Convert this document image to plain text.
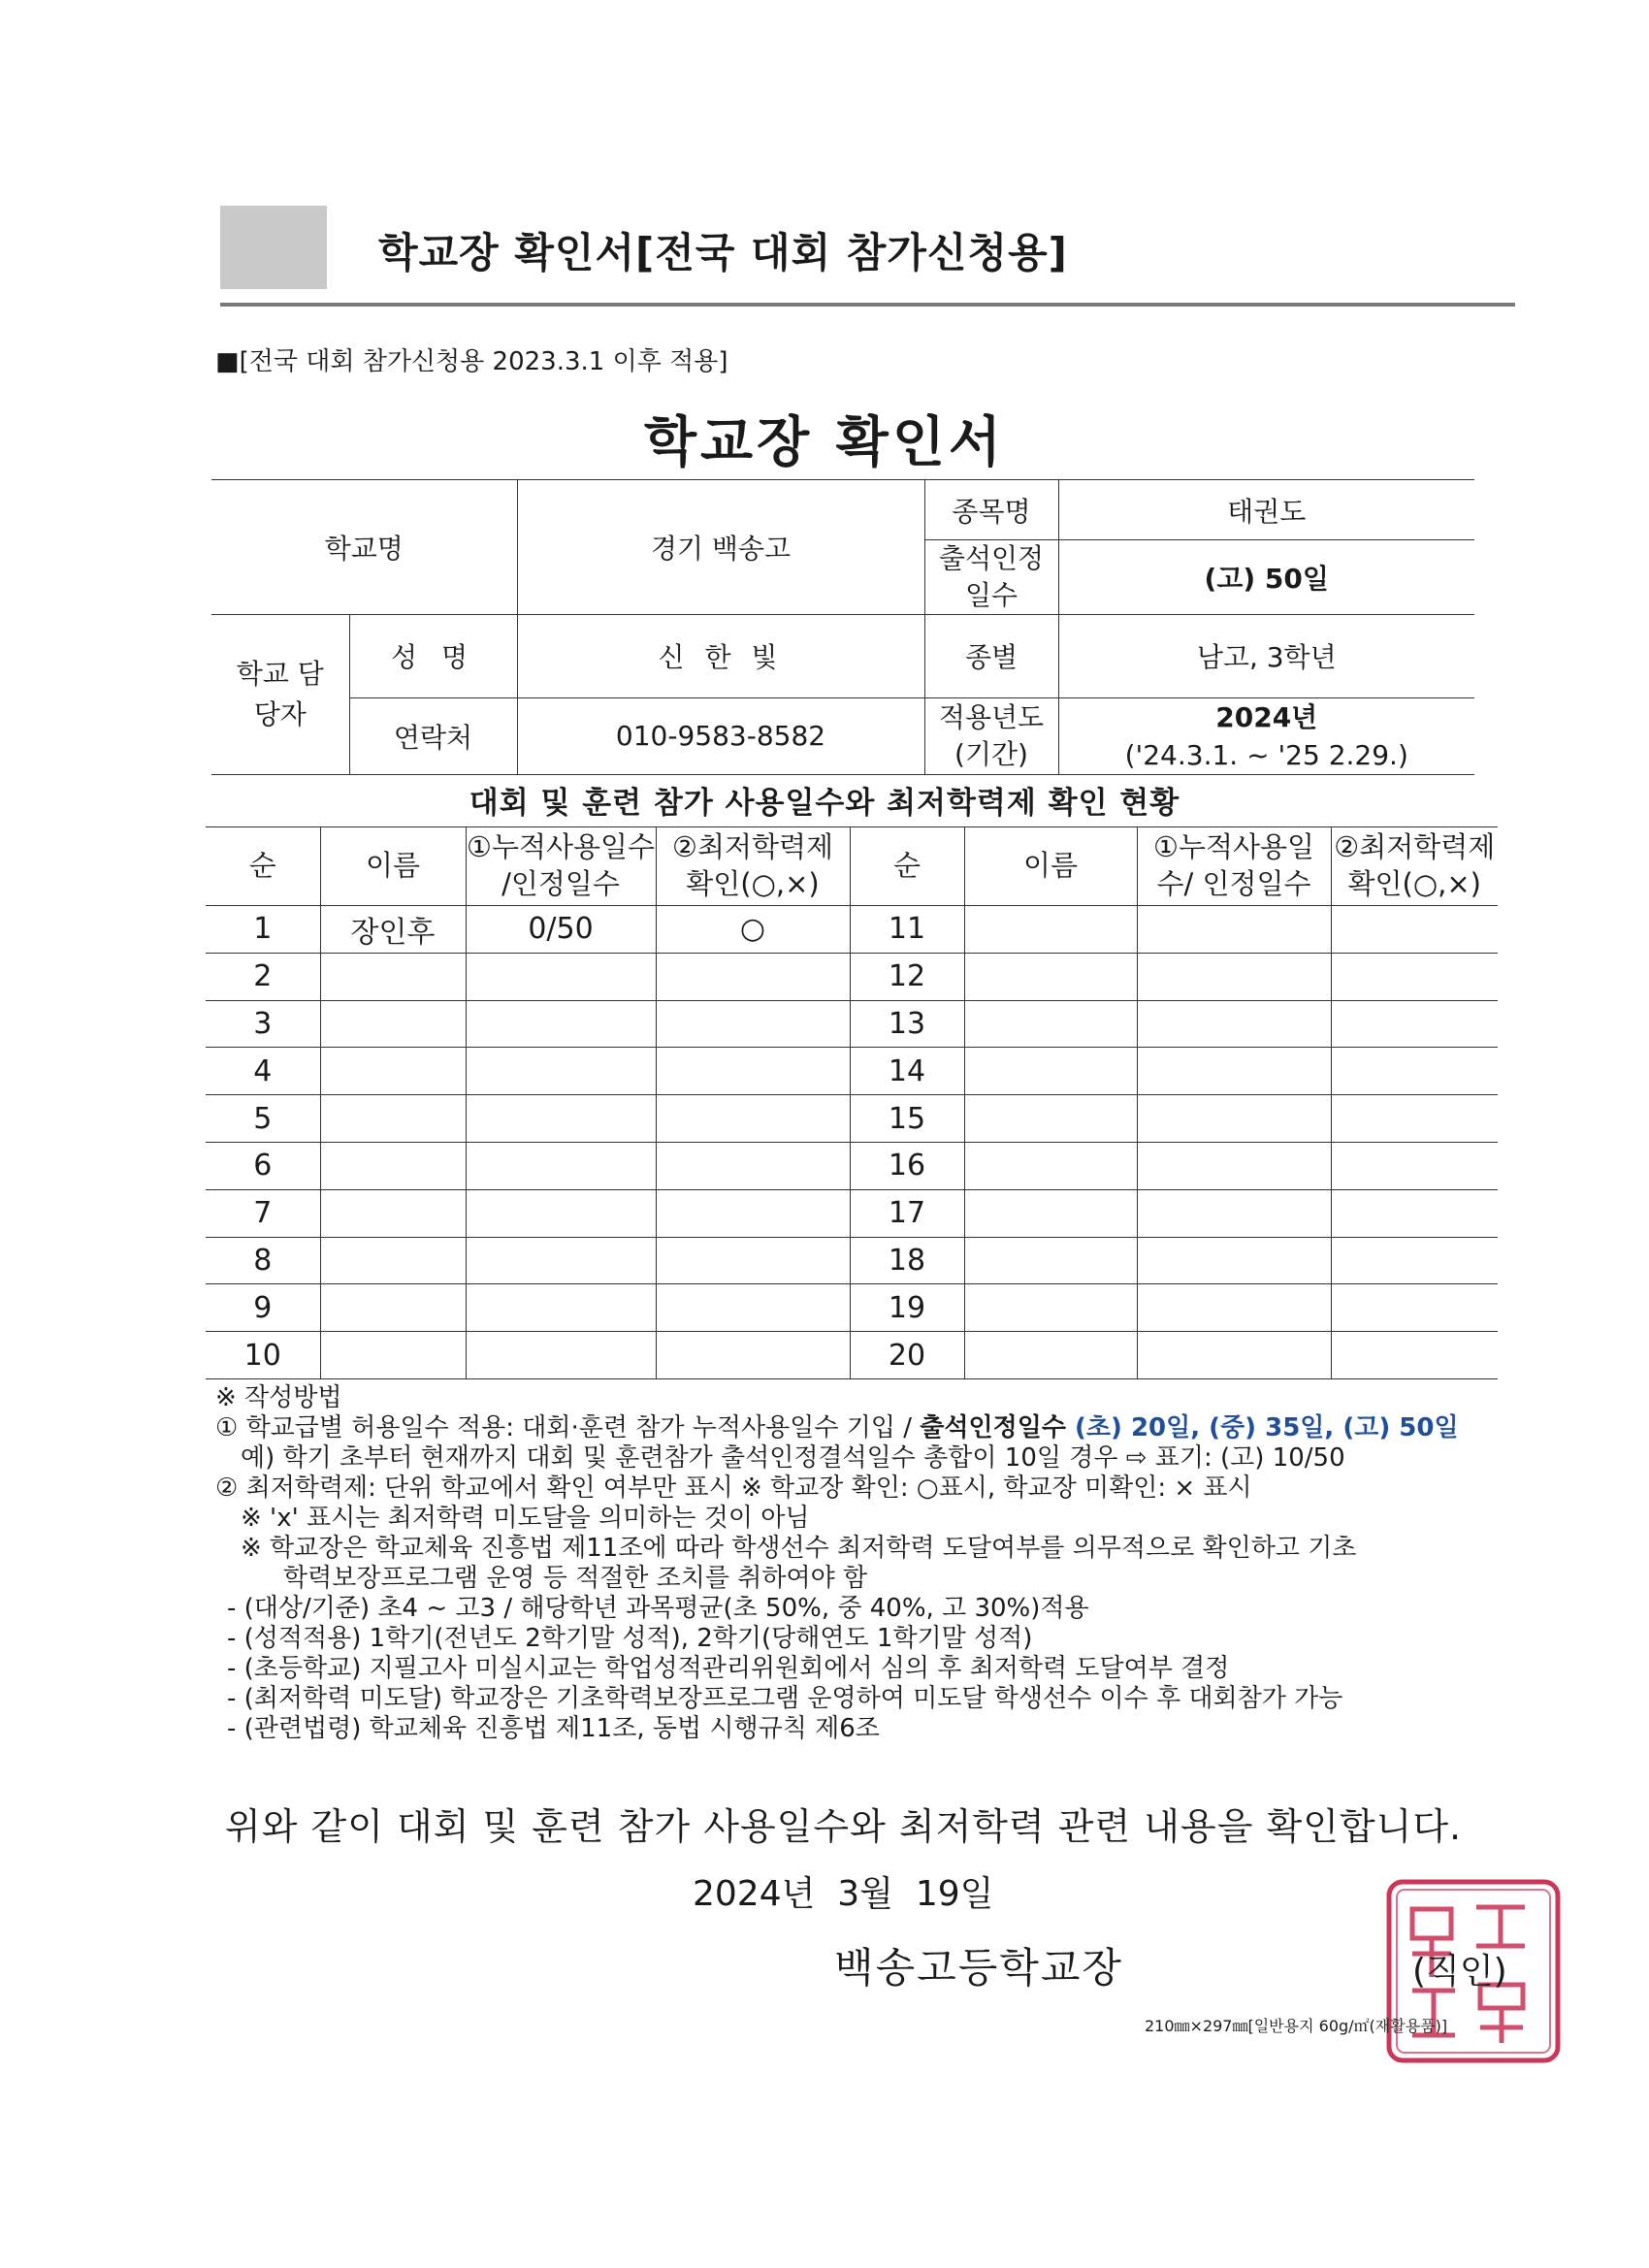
학교장 확인서[전국 대회 참가신청용]
■[전국 대회 참가신청용 2023.3.1 이후 적용]
학교장 확인서
학교명		경기 백송고	종목명	태권도
			출석인정 일수	(고) 50일
학교 담당자	성 명	신 한 빛	종별	남고, 3학년
	연락처	010-9583-8582	적용년도 (기간)	2024년
('24.3.1. ~ '25 2.29.)
대회 및 훈련 참가 사용일수와 최저학력제 확인 현황
순	이름	①누적사용일수 /인정일수	②최저학력제 확인(○,×)	순	이름	①누적사용일수/ 인정일수	②최저학력제 확인(○,×)
1	장인후	0/50	○	11			
2				12			
3				13			
4				14			
5				15			
6				16			
7				17			
8				18			
9				19			
10				20			
※ 작성방법
① 학교급별 허용일수 적용: 대회·훈련 참가 누적사용일수 기입 / 출석인정일수 (초) 20일, (중) 35일, (고) 50일
예) 학기 초부터 현재까지 대회 및 훈련참가 출석인정결석일수 총합이 10일 경우 ⇨ 표기: (고) 10/50
② 최저학력제: 단위 학교에서 확인 여부만 표시 ※ 학교장 확인: ○표시, 학교장 미확인: × 표시
※ 'x' 표시는 최저학력 미도달을 의미하는 것이 아님
※ 학교장은 학교체육 진흥법 제11조에 따라 학생선수 최저학력 도달여부를 의무적으로 확인하고 기초
학력보장프로그램 운영 등 적절한 조치를 취하여야 함
- (대상/기준) 초4 ~ 고3 / 해당학년 과목평균(초 50%, 중 40%, 고 30%)적용
- (성적적용) 1학기(전년도 2학기말 성적), 2학기(당해연도 1학기말 성적)
- (초등학교) 지필고사 미실시교는 학업성적관리위원회에서 심의 후 최저학력 도달여부 결정
- (최저학력 미도달) 학교장은 기초학력보장프로그램 운영하여 미도달 학생선수 이수 후 대회참가 가능
- (관련법령) 학교체육 진흥법 제11조, 동법 시행규칙 제6조
위와 같이 대회 및 훈련 참가 사용일수와 최저학력 관련 내용을 확인합니다.
2024년  3월  19일
백송고등학교장	(직인)
210㎜×297㎜[일반용지 60g/㎡(재활용품)]
